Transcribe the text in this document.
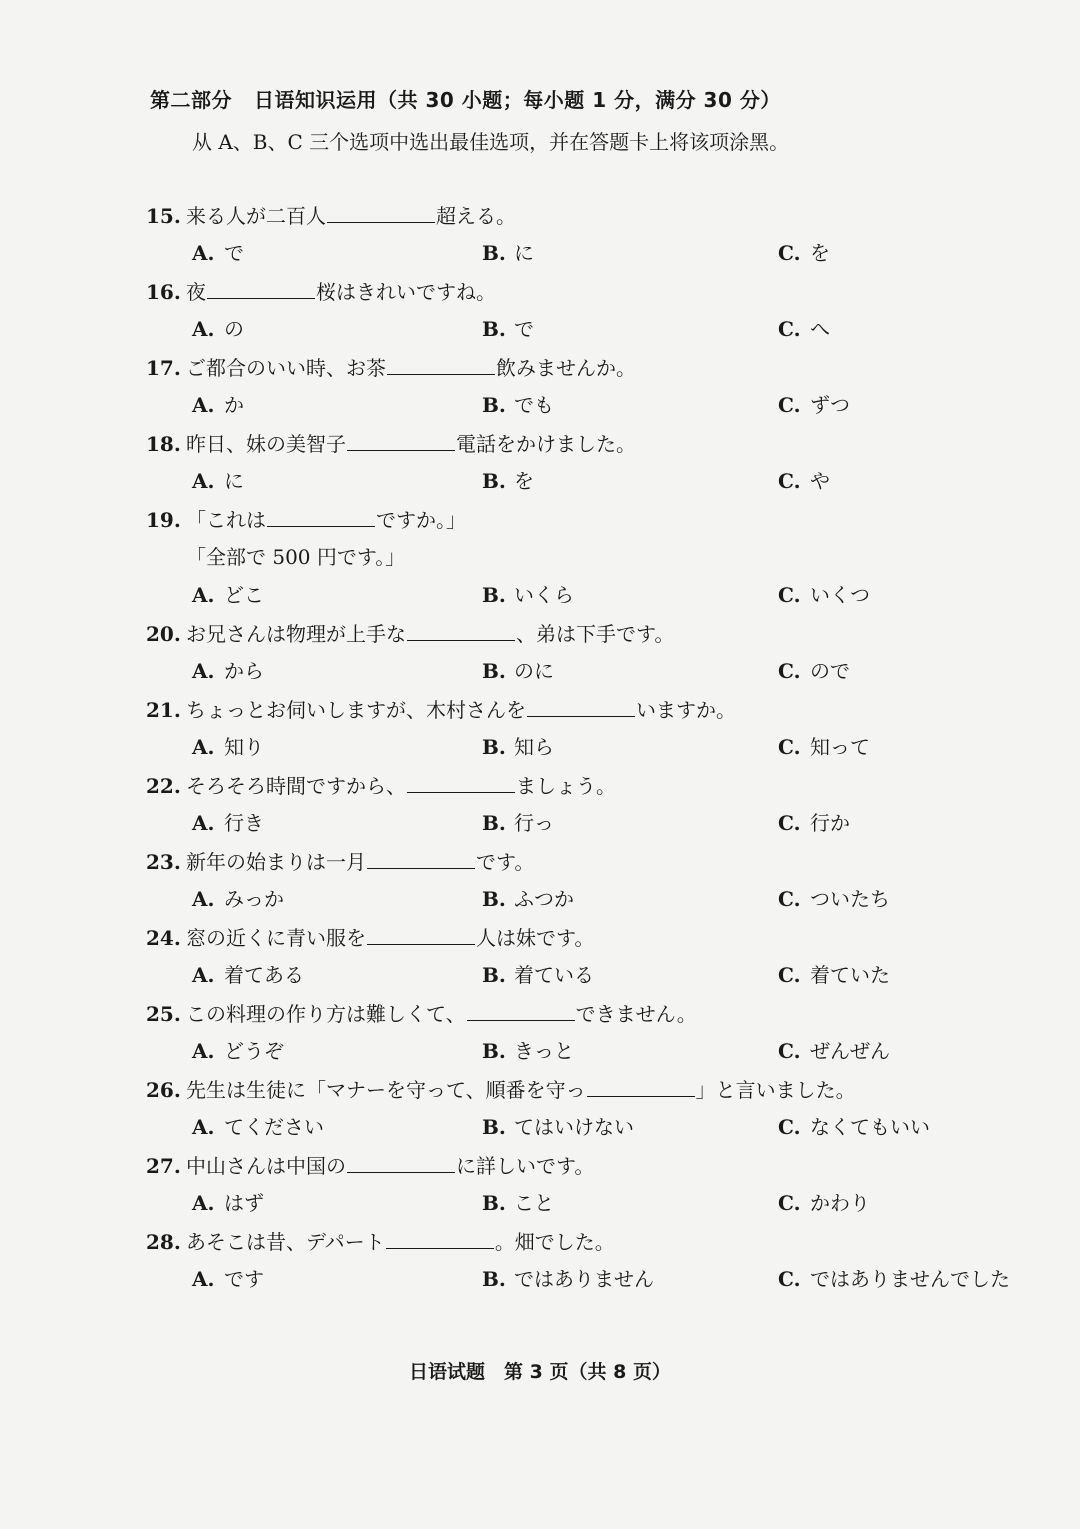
第二部分 日语知识运用（共 30 小题；每小题 1 分，满分 30 分）
从 A、B、C 三个选项中选出最佳选项，并在答题卡上将该项涂黑。
15. 来る人が二百人	超える。
A. で	B. に	C. を
16. 夜	桜はきれいですね。
A. の	B. で	C. へ
17. ご都合のいい時、お茶	飲みませんか。
A. か	B. でも	C. ずつ
18. 昨日、妹の美智子	電話をかけました。
A. に	B. を	C. や
19. 「これは	ですか。」
「全部で 500 円です。」
A. どこ	B. いくら	C. いくつ
20. お兄さんは物理が上手な	、弟は下手です。
A. から	B. のに	C. ので
21. ちょっとお伺いしますが、木村さんを	いますか。
A. 知り	B. 知ら	C. 知って
22. そろそろ時間ですから、	ましょう。
A. 行き	B. 行っ	C. 行か
23. 新年の始まりは一月	です。
A. みっか	B. ふつか	C. ついたち
24. 窓の近くに青い服を	人は妹です。
A. 着てある	B. 着ている	C. 着ていた
25. この料理の作り方は難しくて、	できません。
A. どうぞ	B. きっと	C. ぜんぜん
26. 先生は生徒に「マナーを守って、順番を守っ	」と言いました。
A. てください	B. てはいけない	C. なくてもいい
27. 中山さんは中国の	に詳しいです。
A. はず	B. こと	C. かわり
28. あそこは昔、デパート	。畑でした。
A. です	B. ではありません	C. ではありませんでした
日语试题　第 3 页（共 8 页）
